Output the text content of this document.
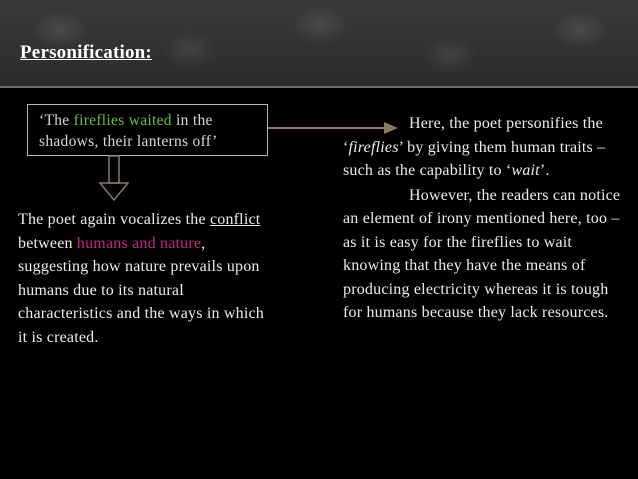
Personification:
‘The fireflies waited in the
shadows, their lanterns off’

Here, the poet personifies the ‘fireflies’ by giving them human traits – such as the capability to ‘wait’.

However, the readers can notice an element of irony mentioned here, too – as it is easy for the fireflies to wait knowing that they have the means of producing electricity whereas it is tough for humans because they lack resources.

The poet again vocalizes the conflict between humans and nature, suggesting how nature prevails upon humans due to its natural characteristics and the ways in which it is created.
